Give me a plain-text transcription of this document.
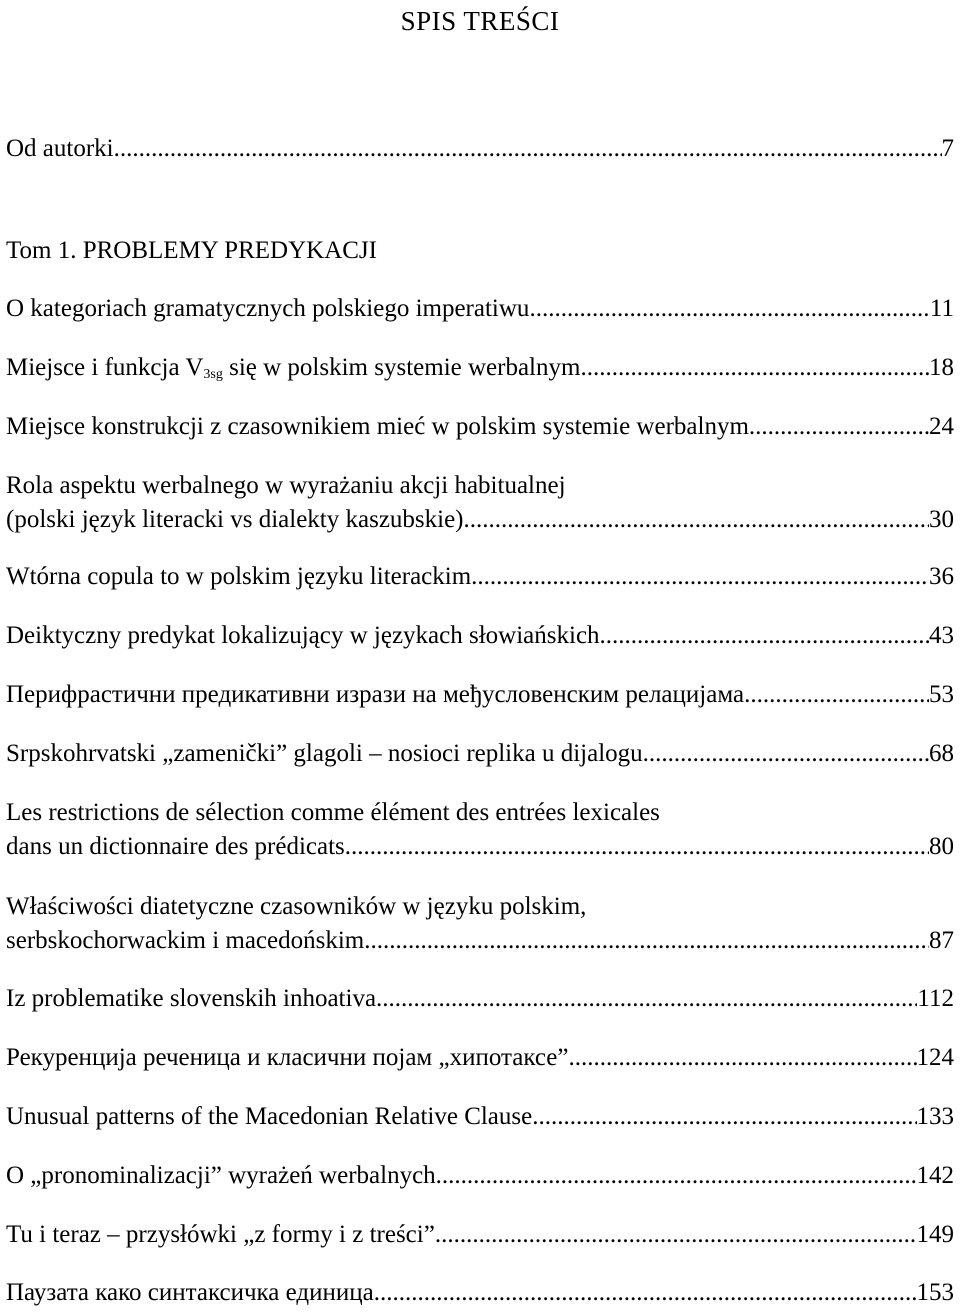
SPIS TREŚCI
Od autorki .....	7
Tom 1. PROBLEMY PREDYKACJI
O kategoriach gramatycznych polskiego imperatiwu .....	11
Miejsce i funkcja $V_{3sg}$ się w polskim systemie werbalnym .....	18
Miejsce konstrukcji z czasownikiem mieć w polskim systemie werbalnym .....	24
Rola aspektu werbalnego w wyrażaniu akcji habitualnej
(polski język literacki vs dialekty kaszubskie) .....	30
Wtórna copula to w polskim języku literackim .....	36
Deiktyczny predykat lokalizujący w językach słowiańskich .....	43
Перифрастични предикативни изрази на међусловенским релацијама .....	53
Srpskohrvatski „zamenički” glagoli – nosioci replika u dijalogu .....	68
Les restrictions de sélection comme élément des entrées lexicales
dans un dictionnaire des prédicats .....	80
Właściwości diatetyczne czasowników w języku polskim,
serbskochorwackim i macedońskim .....	87
Iz problematike slovenskih inhoativa .....	112
Рекуренција реченица и класични појам „хипотаксе” .....	124
Unusual patterns of the Macedonian Relative Clause .....	133
O „pronominalizacji” wyrażeń werbalnych .....	142
Tu i teraz – przysłówki „z formy i z treści” .....	149
Паузата како синтаксичка единица .....	153
